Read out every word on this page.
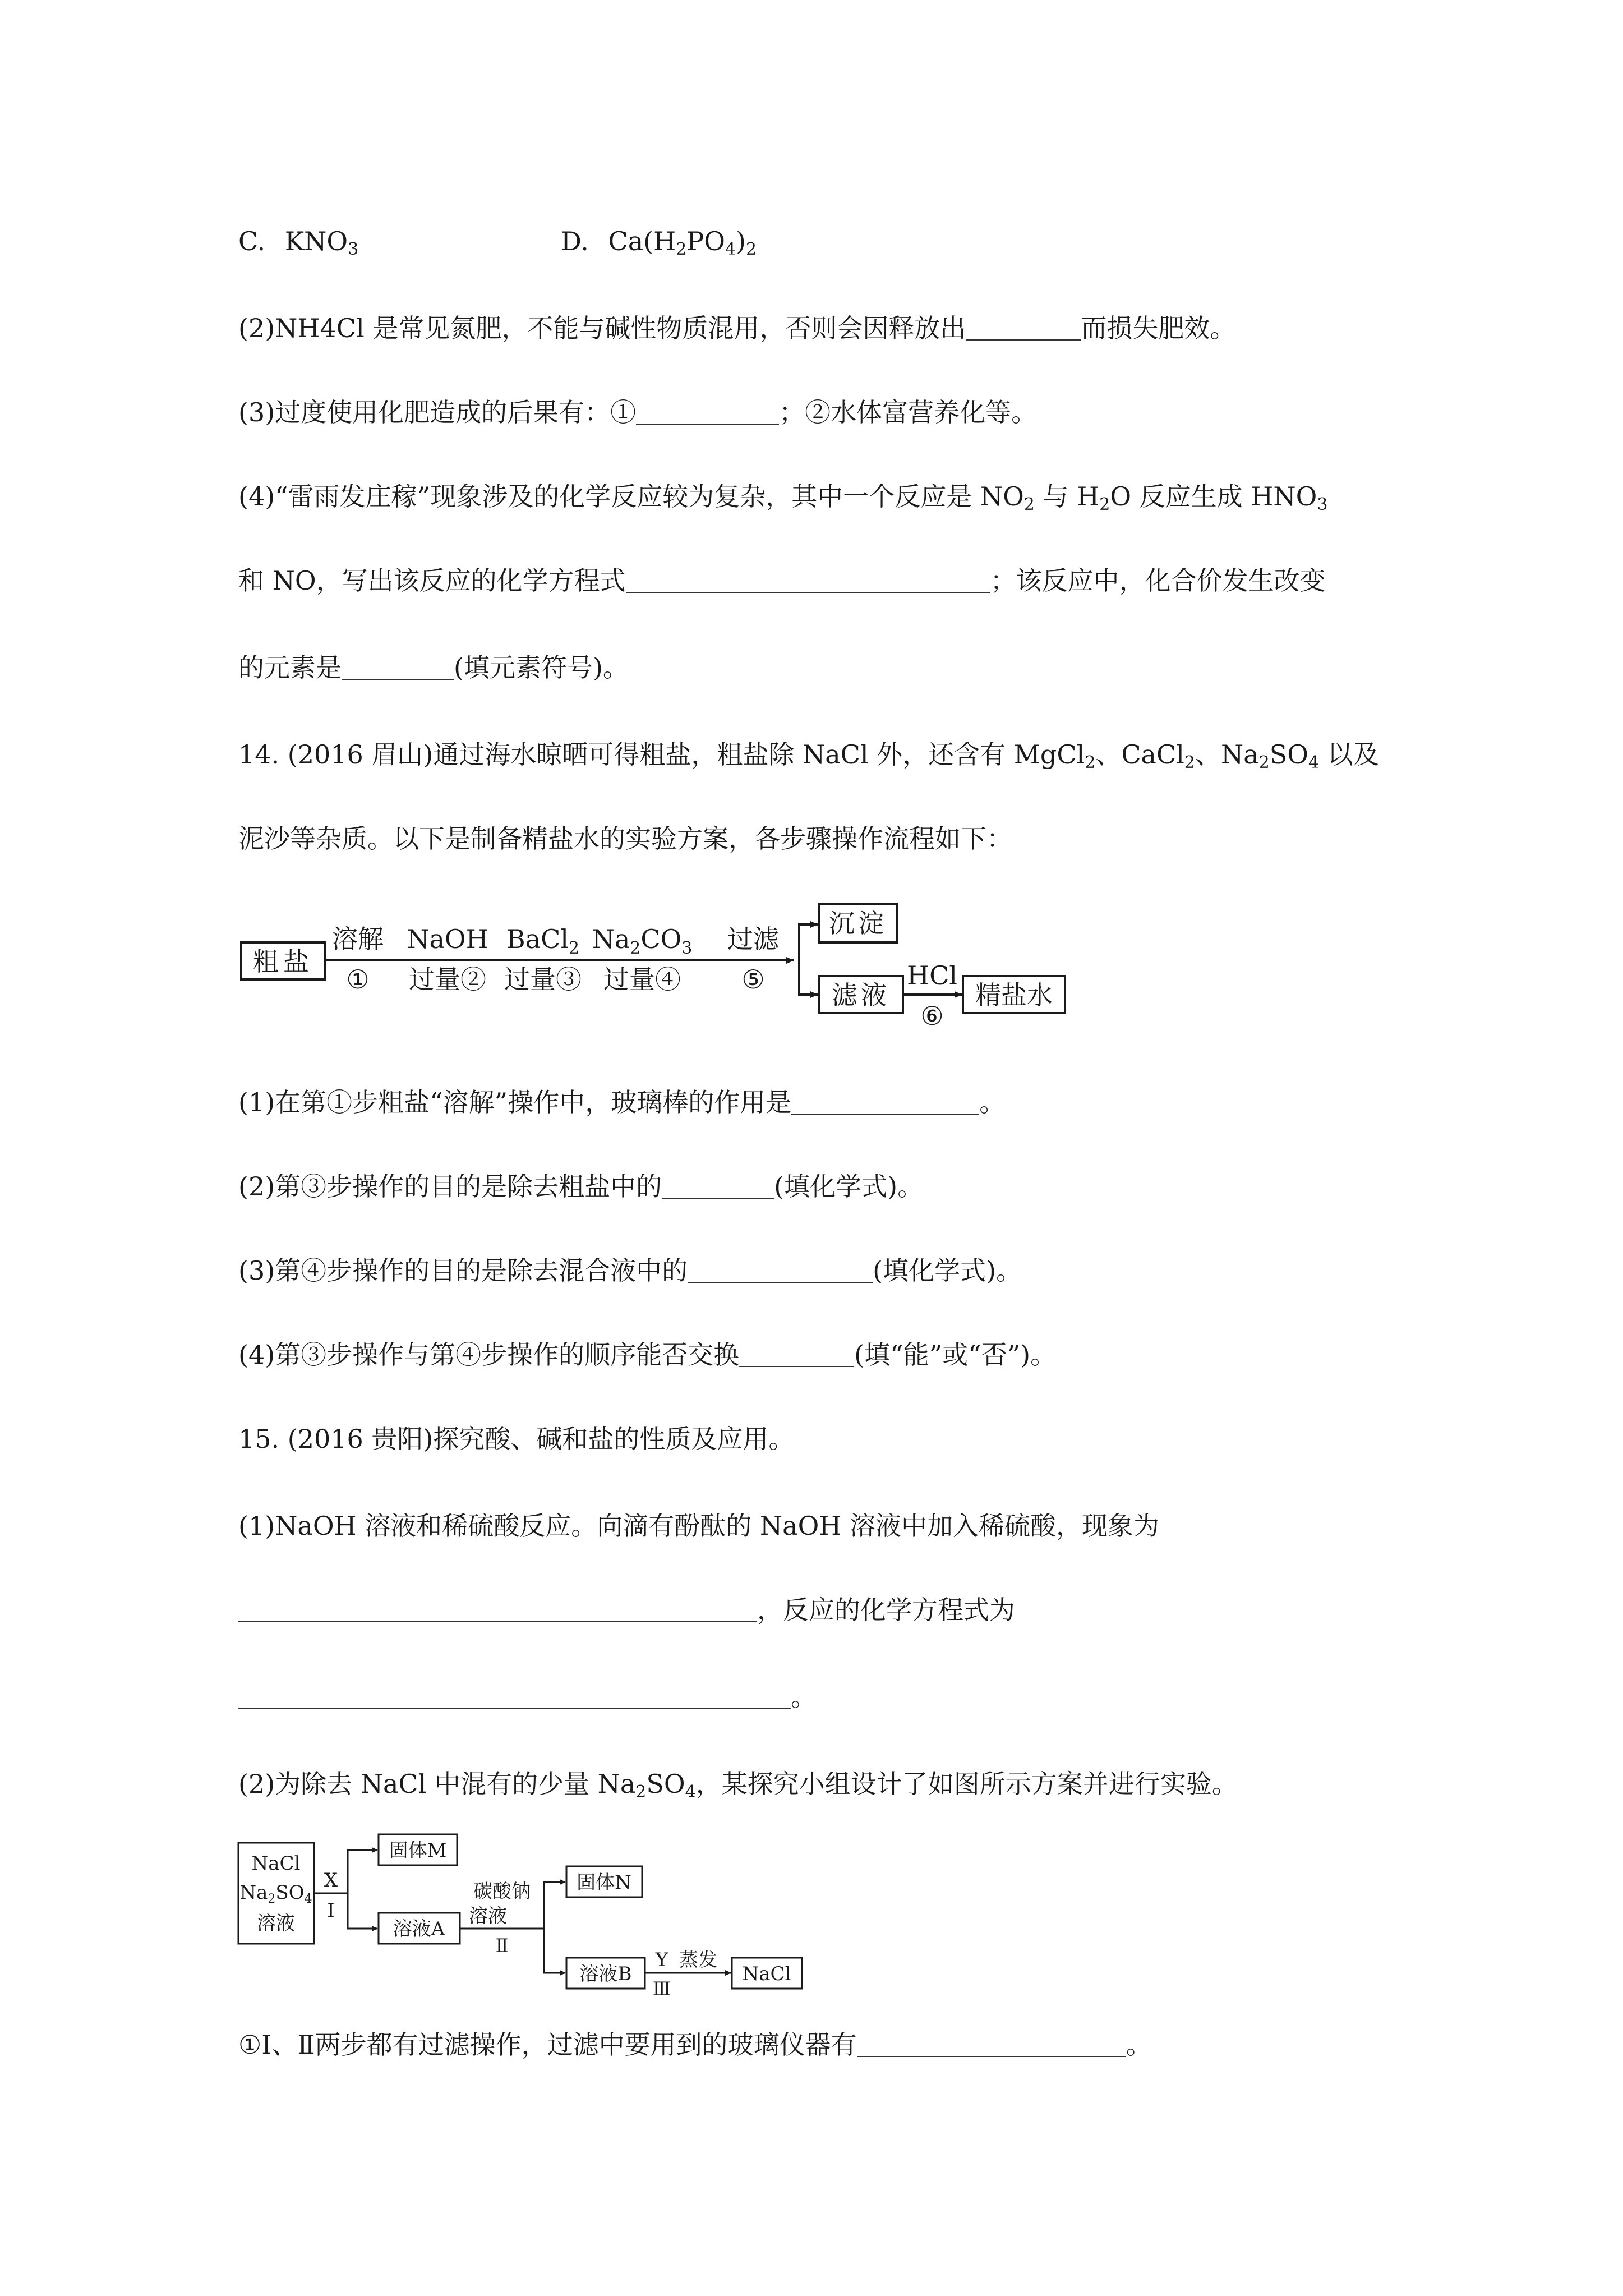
C. $KNO_3$	D. $Ca(H_2PO_4)_2$
(2)NH4Cl 是常见氮肥，不能与碱性物质混用，否则会因释放出	而损失肥效。
(3)过度使用化肥造成的后果有：①	；②水体富营养化等。
(4)“雷雨发庄稼”现象涉及的化学反应较为复杂，其中一个反应是 $NO_2$ 与 $H_2O$ 反应生成 $HNO_3$
和 NO，写出该反应的化学方程式	；该反应中，化合价发生改变
的元素是	(填元素符号)。
14. (2016 眉山)通过海水晾晒可得粗盐，粗盐除 NaCl 外，还含有 MgCl$_2$、CaCl$_2$、$Na_2SO_4$ 以及
泥沙等杂质。以下是制备精盐水的实验方案，各步骤操作流程如下：
粗盐
溶解
①
NaOH
过量②
BaCl$_2$
过量③
$Na_2CO_3$
过量④
过滤
⑤
沉淀
滤液
HCl
⑥
精盐水
(1)在第①步粗盐“溶解”操作中，玻璃棒的作用是	。
(2)第③步操作的目的是除去粗盐中的	(填化学式)。
(3)第④步操作的目的是除去混合液中的	(填化学式)。
(4)第③步操作与第④步操作的顺序能否交换	(填“能”或“否”)。
15. (2016 贵阳)探究酸、碱和盐的性质及应用。
(1)NaOH 溶液和稀硫酸反应。向滴有酚酞的 NaOH 溶液中加入稀硫酸，现象为
，反应的化学方程式为
。
(2)为除去 NaCl 中混有的少量 $Na_2SO_4$，某探究小组设计了如图所示方案并进行实验。
NaCl
$Na_2SO_4$
溶液
X
Ⅰ
固体M
溶液A
碳酸钠
溶液
Ⅱ
固体N
溶液B
Y 蒸发
Ⅲ
NaCl
①Ⅰ、Ⅱ两步都有过滤操作，过滤中要用到的玻璃仪器有	。
